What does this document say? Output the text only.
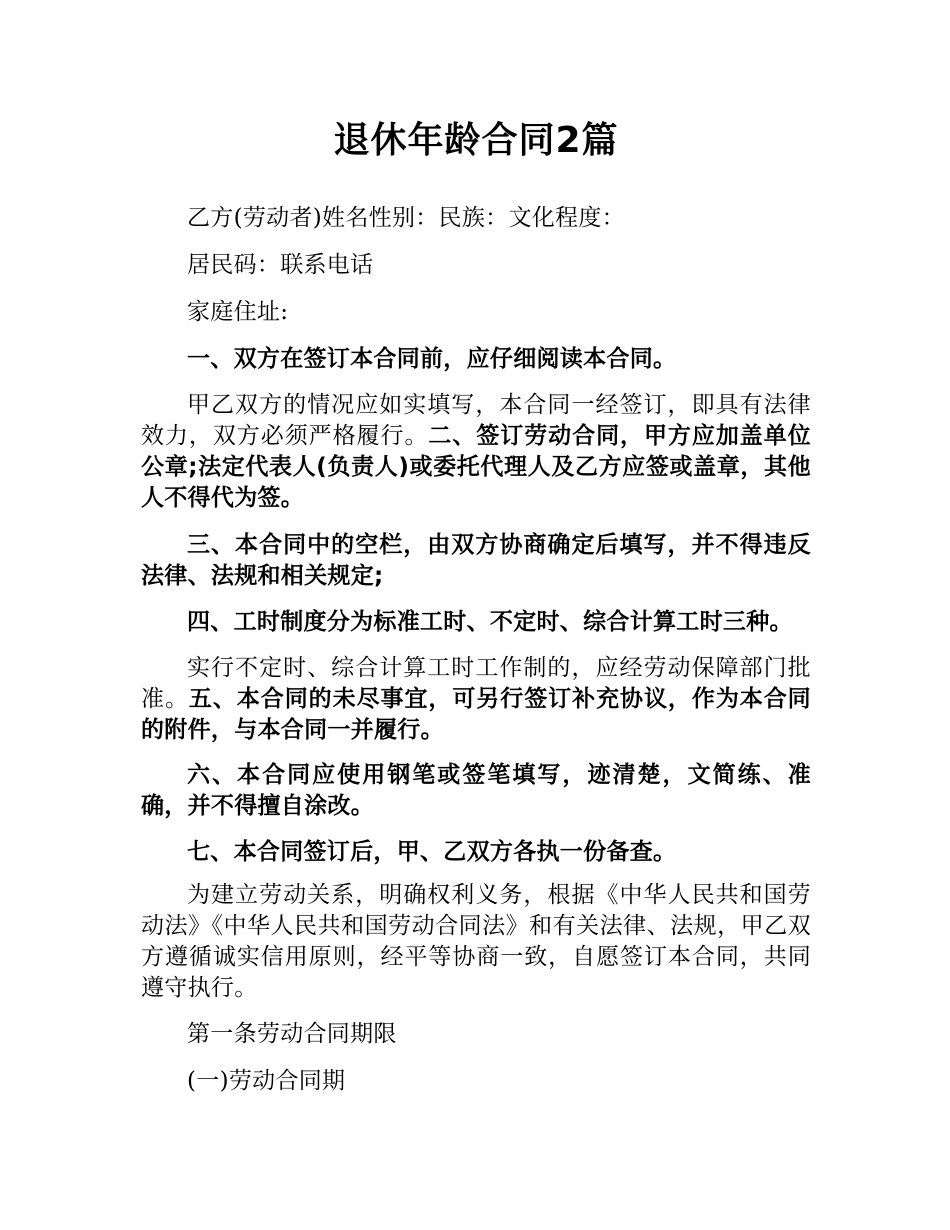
退休年龄合同2篇

乙方(劳动者)姓名性别：民族：文化程度：

居民码：联系电话

家庭住址:

一、双方在签订本合同前，应仔细阅读本合同。

甲乙双方的情况应如实填写，本合同一经签订，即具有法律效力，双方必须严格履行。二、签订劳动合同，甲方应加盖单位公章;法定代表人(负责人)或委托代理人及乙方应签或盖章，其他人不得代为签。

三、本合同中的空栏，由双方协商确定后填写，并不得违反法律、法规和相关规定;

四、工时制度分为标准工时、不定时、综合计算工时三种。

实行不定时、综合计算工时工作制的，应经劳动保障部门批准。五、本合同的未尽事宜，可另行签订补充协议，作为本合同的附件，与本合同一并履行。

六、本合同应使用钢笔或签笔填写，迹清楚，文简练、准确，并不得擅自涂改。

七、本合同签订后，甲、乙双方各执一份备查。

为建立劳动关系，明确权利义务，根据《中华人民共和国劳动法》《中华人民共和国劳动合同法》和有关法律、法规，甲乙双方遵循诚实信用原则，经平等协商一致，自愿签订本合同，共同遵守执行。

第一条劳动合同期限

(一)劳动合同期
